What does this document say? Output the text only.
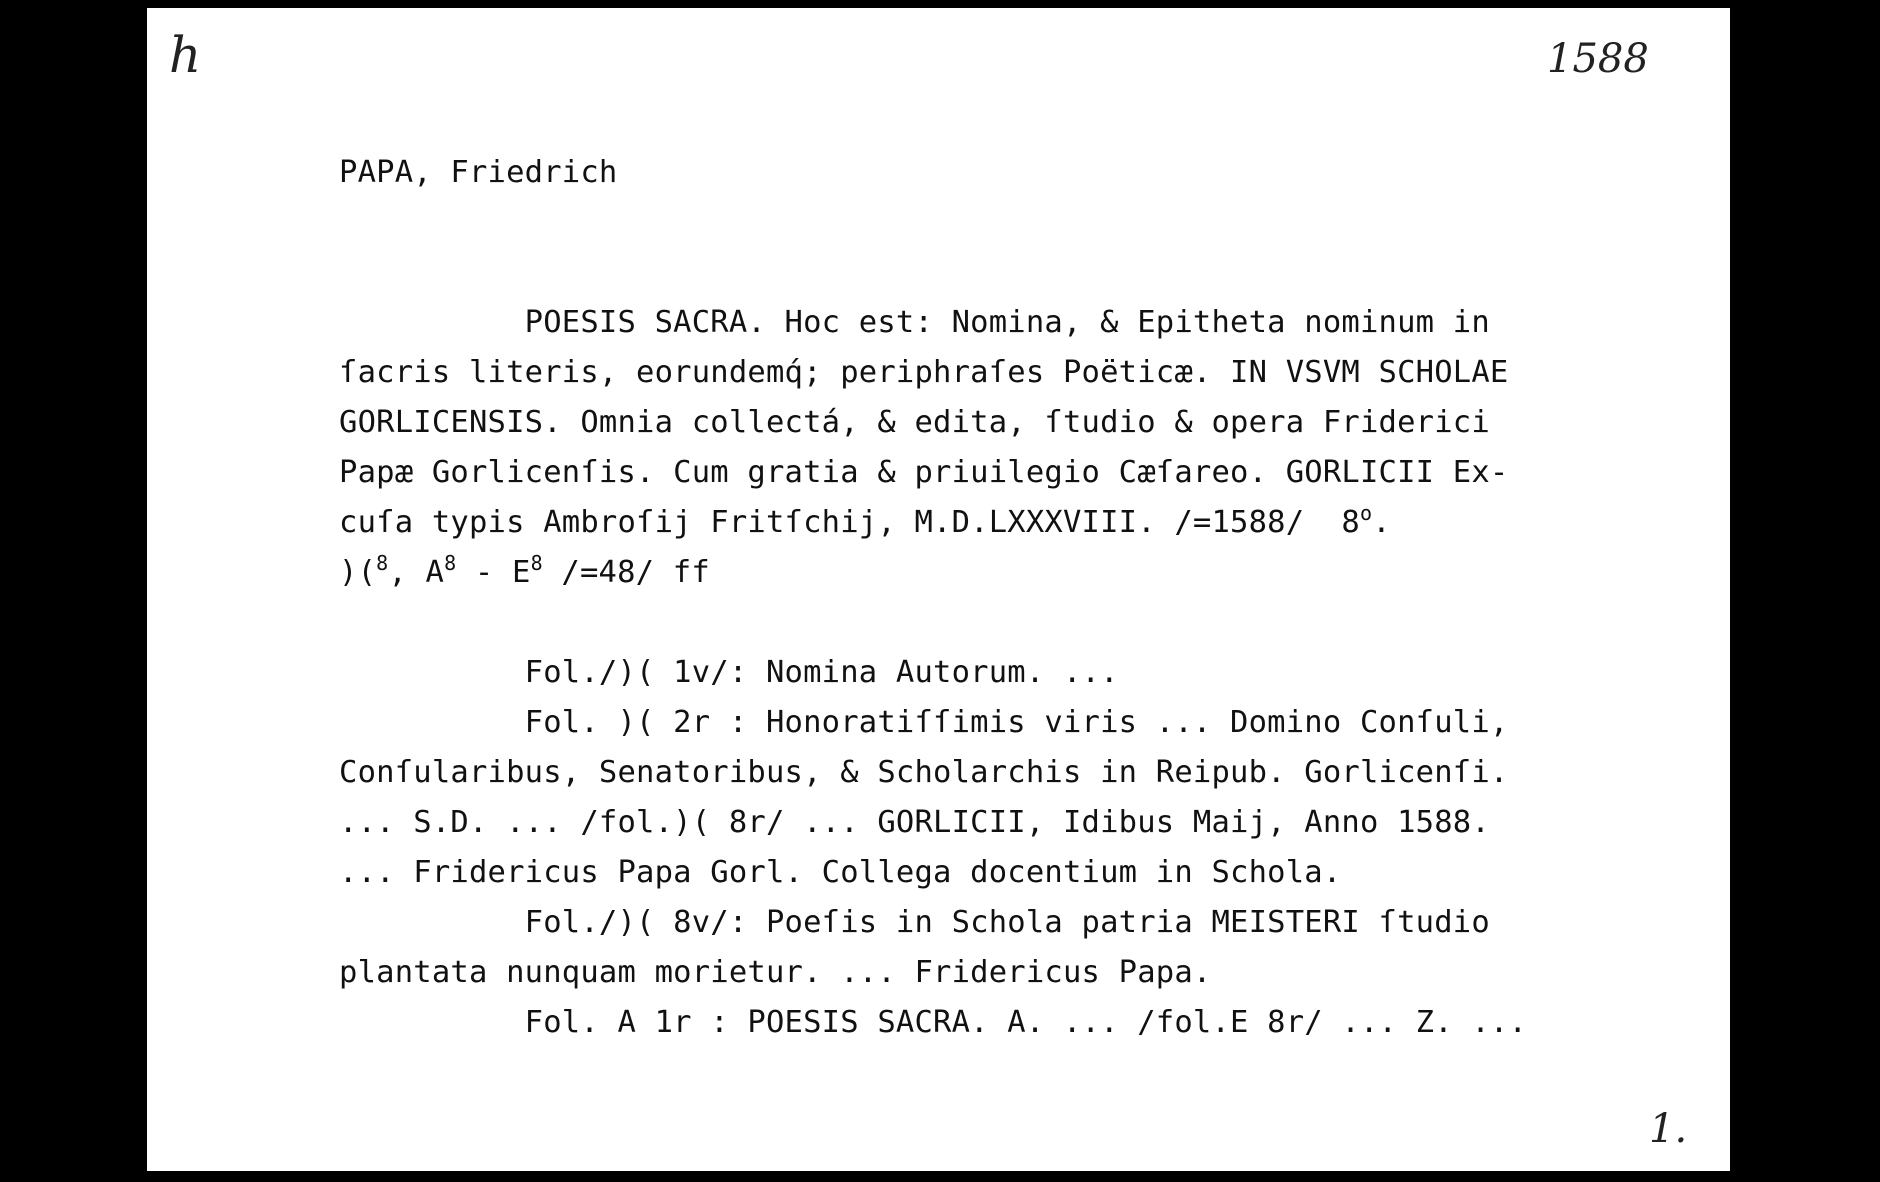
h	1588
1.
PAPA, Friedrich
POESIS SACRA. Hoc est: Nomina, & Epitheta nominum in
ſacris literis, eorundemq́; periphraſes Poëticæ. IN VSVM SCHOLAE
GORLICENSIS. Omnia collectá, & edita, ſtudio & opera Friderici
Papæ Gorlicenſis. Cum gratia & priuilegio Cæſareo. GORLICII Ex-
cuſa typis Ambroſij Fritſchij, M.D.LXXXVIII. /=1588/  8$^o$.
)($^8$, $A^8 - E^8$ /=48/ ff
Fol./)( 1v/: Nomina Autorum. ...
Fol. )( 2r : Honoratiſſimis viris ... Domino Conſuli,
Conſularibus, Senatoribus, & Scholarchis in Reipub. Gorlicenſi.
... S.D. ... /fol.)( 8r/ ... GORLICII, Idibus Maij, Anno 1588.
... Fridericus Papa Gorl. Collega docentium in Schola.
Fol./)( 8v/: Poeſis in Schola patria MEISTERI ſtudio
plantata nunquam morietur. ... Fridericus Papa.
Fol. A 1r : POESIS SACRA. A. ... /fol.E 8r/ ... Z. ...
